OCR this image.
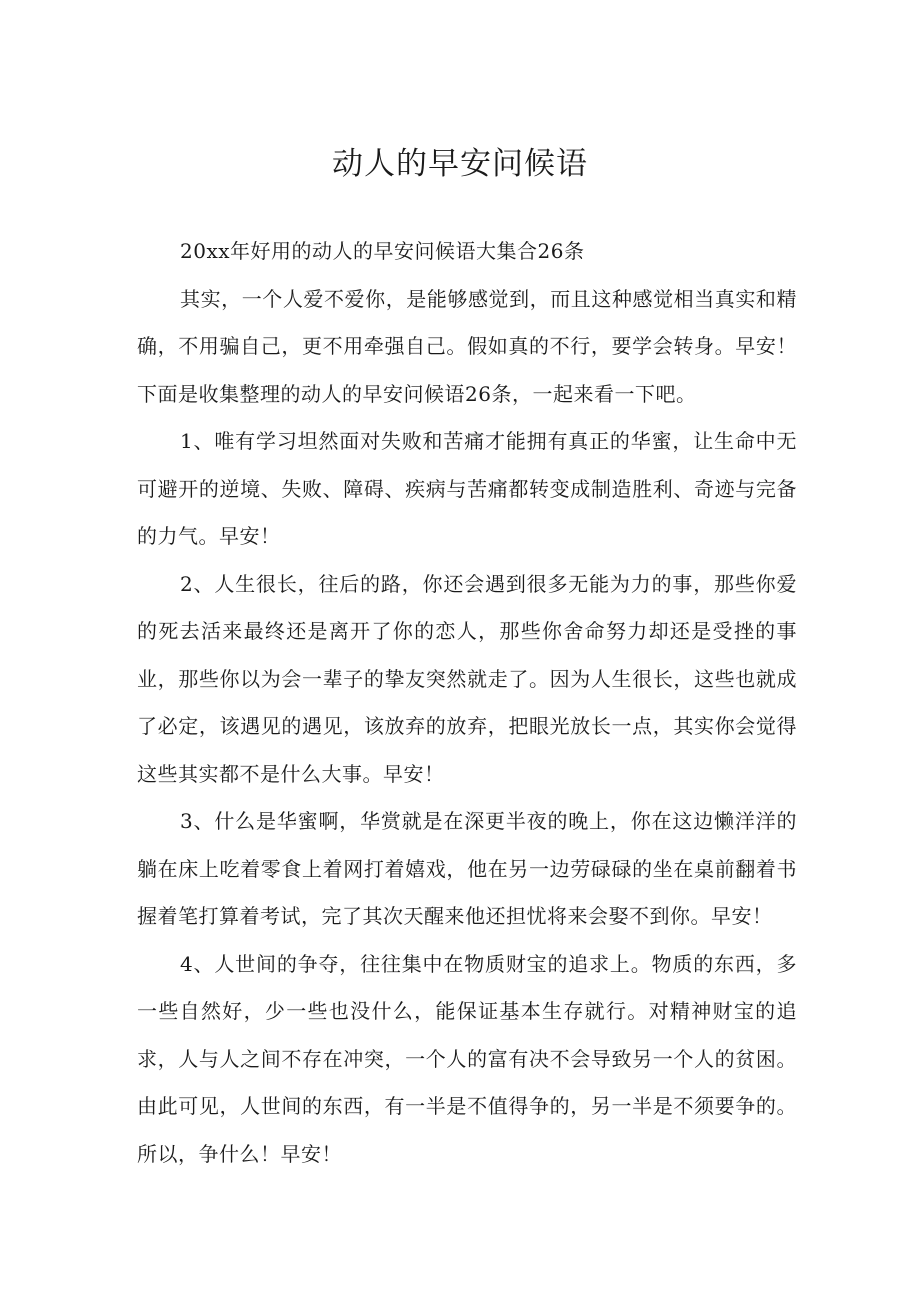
动人的早安问候语

20xx年好用的动人的早安问候语大集合26条

其实，一个人爱不爱你，是能够感觉到，而且这种感觉相当真实和精确，不用骗自己，更不用牵强自己。假如真的不行，要学会转身。早安！下面是收集整理的动人的早安问候语26条，一起来看一下吧。

1、唯有学习坦然面对失败和苦痛才能拥有真正的华蜜，让生命中无可避开的逆境、失败、障碍、疾病与苦痛都转变成制造胜利、奇迹与完备的力气。早安！

2、人生很长，往后的路，你还会遇到很多无能为力的事，那些你爱的死去活来最终还是离开了你的恋人，那些你舍命努力却还是受挫的事业，那些你以为会一辈子的挚友突然就走了。因为人生很长，这些也就成了必定，该遇见的遇见，该放弃的放弃，把眼光放长一点，其实你会觉得这些其实都不是什么大事。早安！

3、什么是华蜜啊，华赏就是在深更半夜的晚上，你在这边懒洋洋的躺在床上吃着零食上着网打着嬉戏，他在另一边劳碌碌的坐在桌前翻着书握着笔打算着考试，完了其次天醒来他还担忧将来会娶不到你。早安！

4、人世间的争夺，往往集中在物质财宝的追求上。物质的东西，多一些自然好，少一些也没什么，能保证基本生存就行。对精神财宝的追求，人与人之间不存在冲突，一个人的富有决不会导致另一个人的贫困。由此可见，人世间的东西，有一半是不值得争的，另一半是不须要争的。所以，争什么！早安！
